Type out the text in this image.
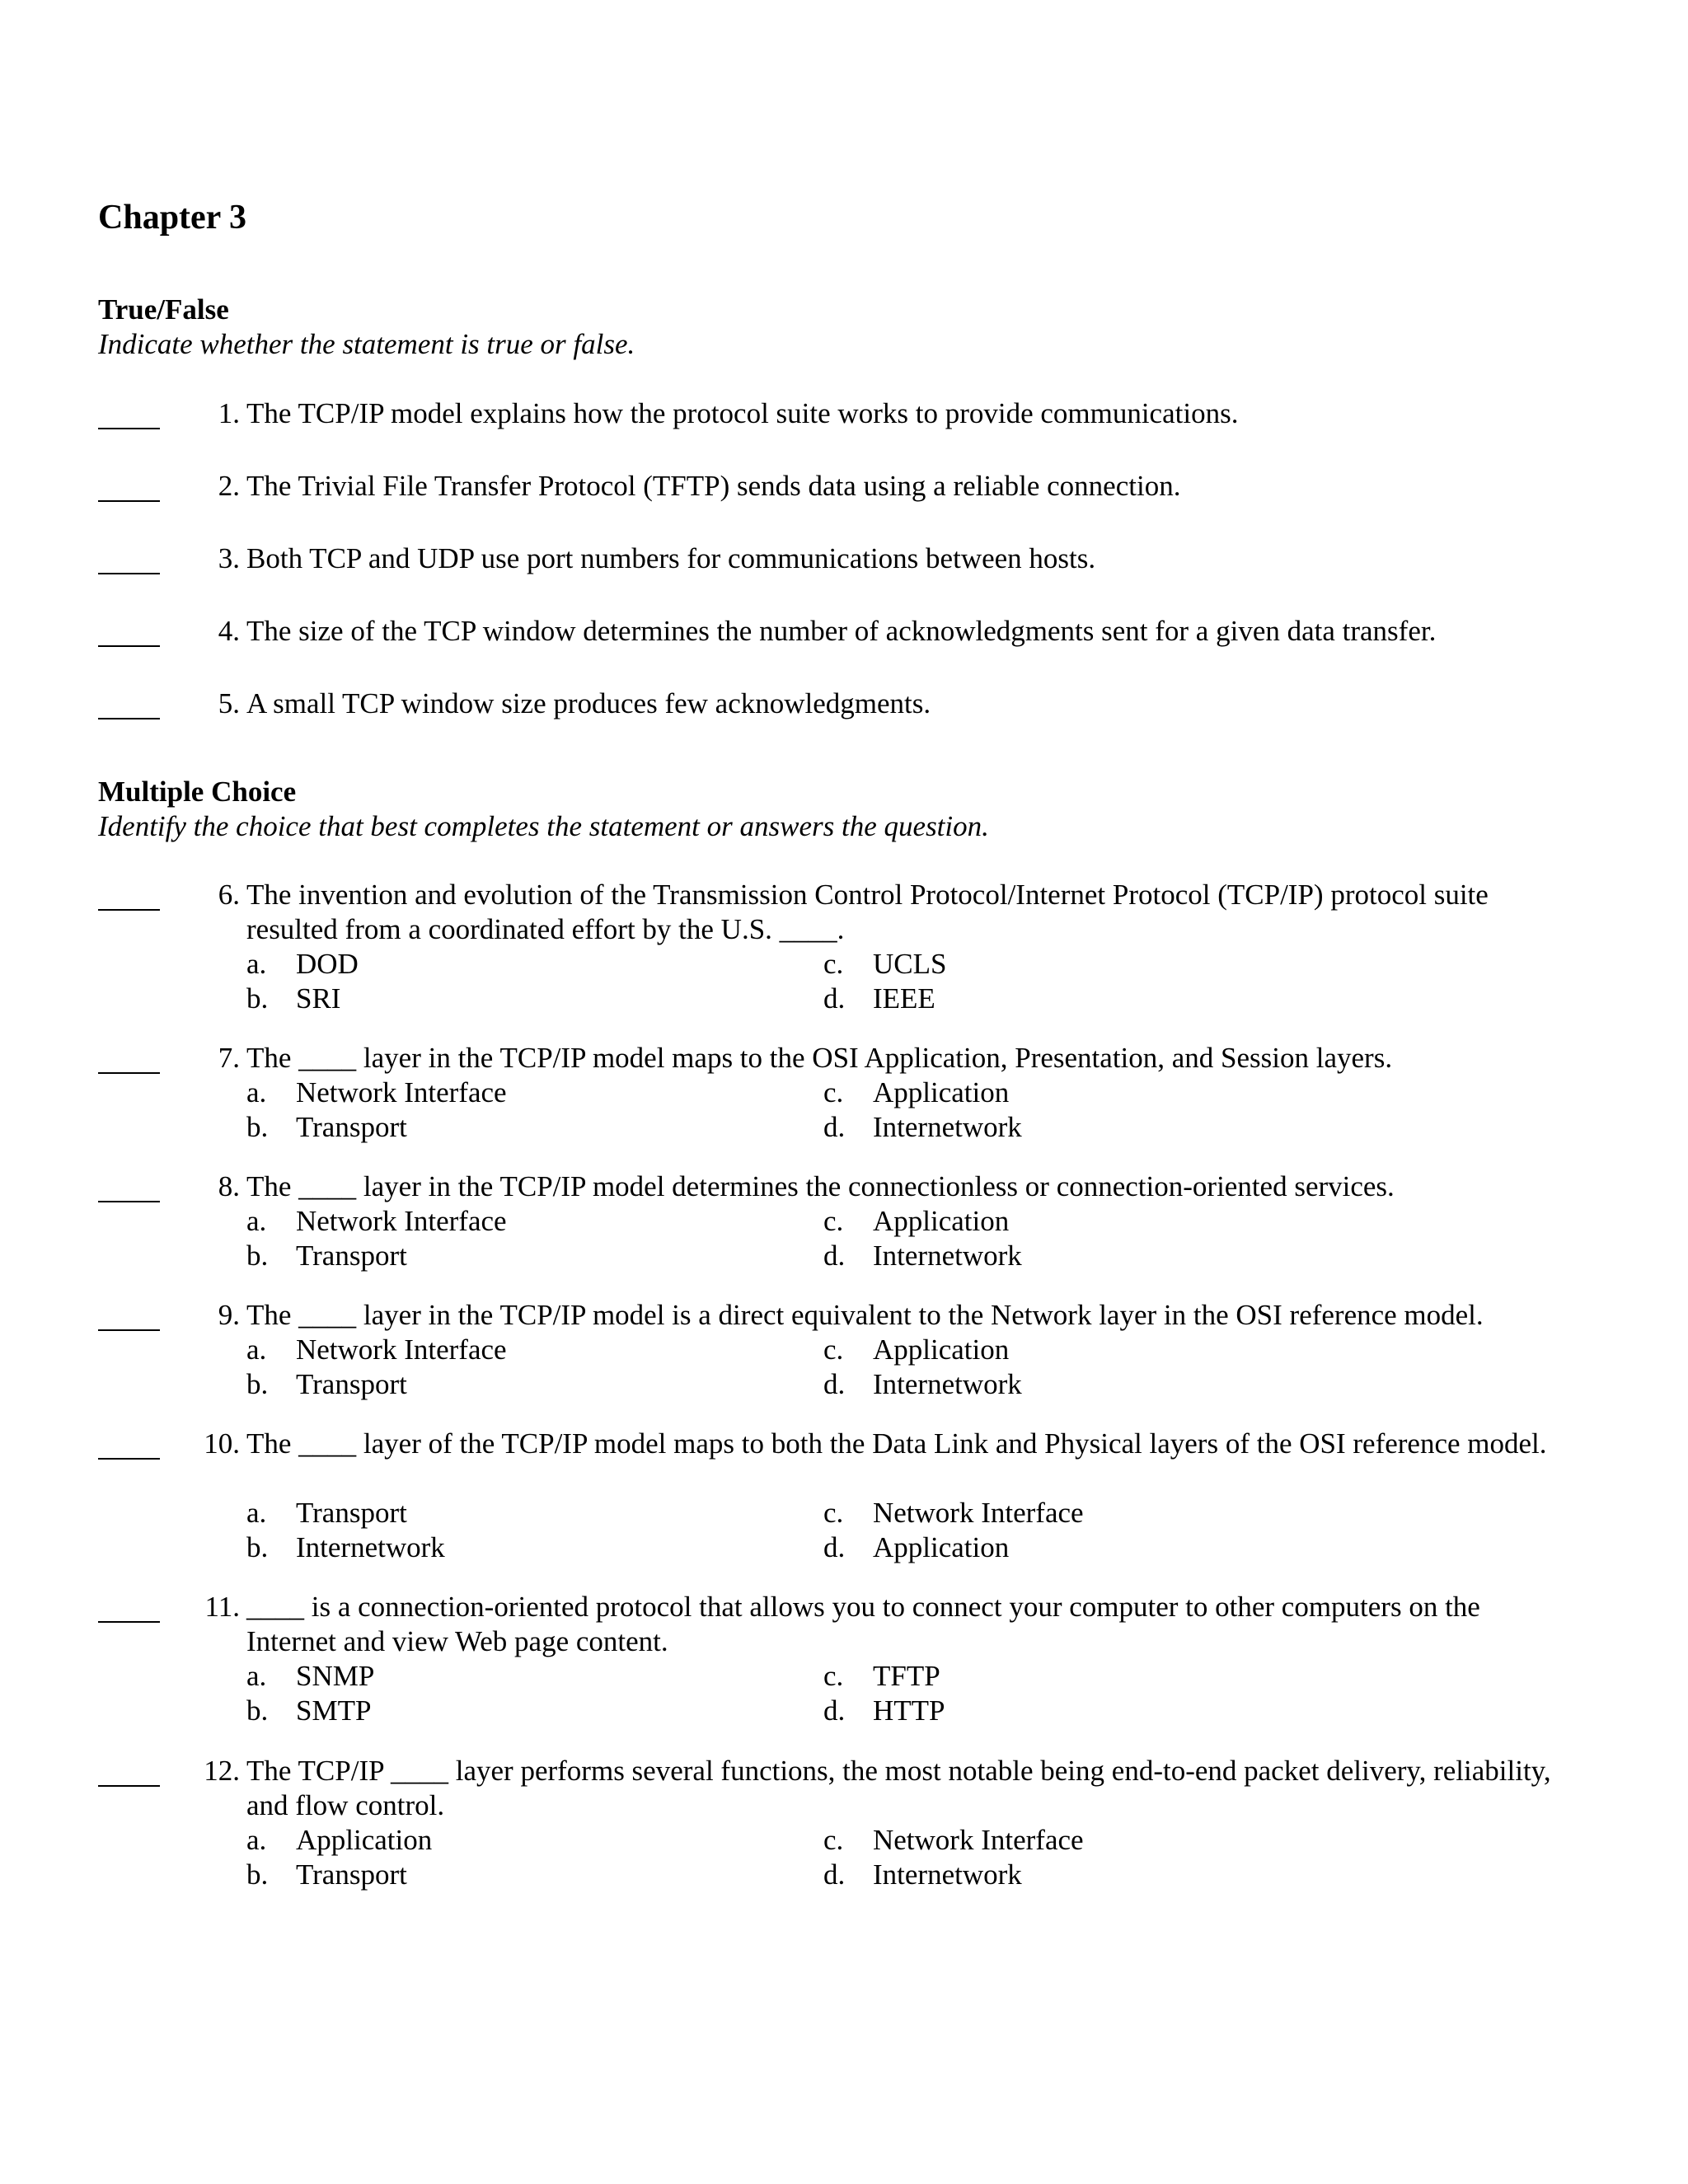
Chapter 3
True/False
Indicate whether the statement is true or false.
1. The TCP/IP model explains how the protocol suite works to provide communications.
2. The Trivial File Transfer Protocol (TFTP) sends data using a reliable connection.
3. Both TCP and UDP use port numbers for communications between hosts.
4. The size of the TCP window determines the number of acknowledgments sent for a given data transfer.
5. A small TCP window size produces few acknowledgments.
Multiple Choice
Identify the choice that best completes the statement or answers the question.
6. The invention and evolution of the Transmission Control Protocol/Internet Protocol (TCP/IP) protocol suite resulted from a coordinated effort by the U.S. ____.
a. DOD
b. SRI
c. UCLS
d. IEEE
7. The ____ layer in the TCP/IP model maps to the OSI Application, Presentation, and Session layers.
a. Network Interface
b. Transport
c. Application
d. Internetwork
8. The ____ layer in the TCP/IP model determines the connectionless or connection-oriented services.
a. Network Interface
b. Transport
c. Application
d. Internetwork
9. The ____ layer in the TCP/IP model is a direct equivalent to the Network layer in the OSI reference model.
a. Network Interface
b. Transport
c. Application
d. Internetwork
10. The ____ layer of the TCP/IP model maps to both the Data Link and Physical layers of the OSI reference model.
a. Transport
b. Internetwork
c. Network Interface
d. Application
11. ____ is a connection-oriented protocol that allows you to connect your computer to other computers on the Internet and view Web page content.
a. SNMP
b. SMTP
c. TFTP
d. HTTP
12. The TCP/IP ____ layer performs several functions, the most notable being end-to-end packet delivery, reliability, and flow control.
a. Application
b. Transport
c. Network Interface
d. Internetwork
